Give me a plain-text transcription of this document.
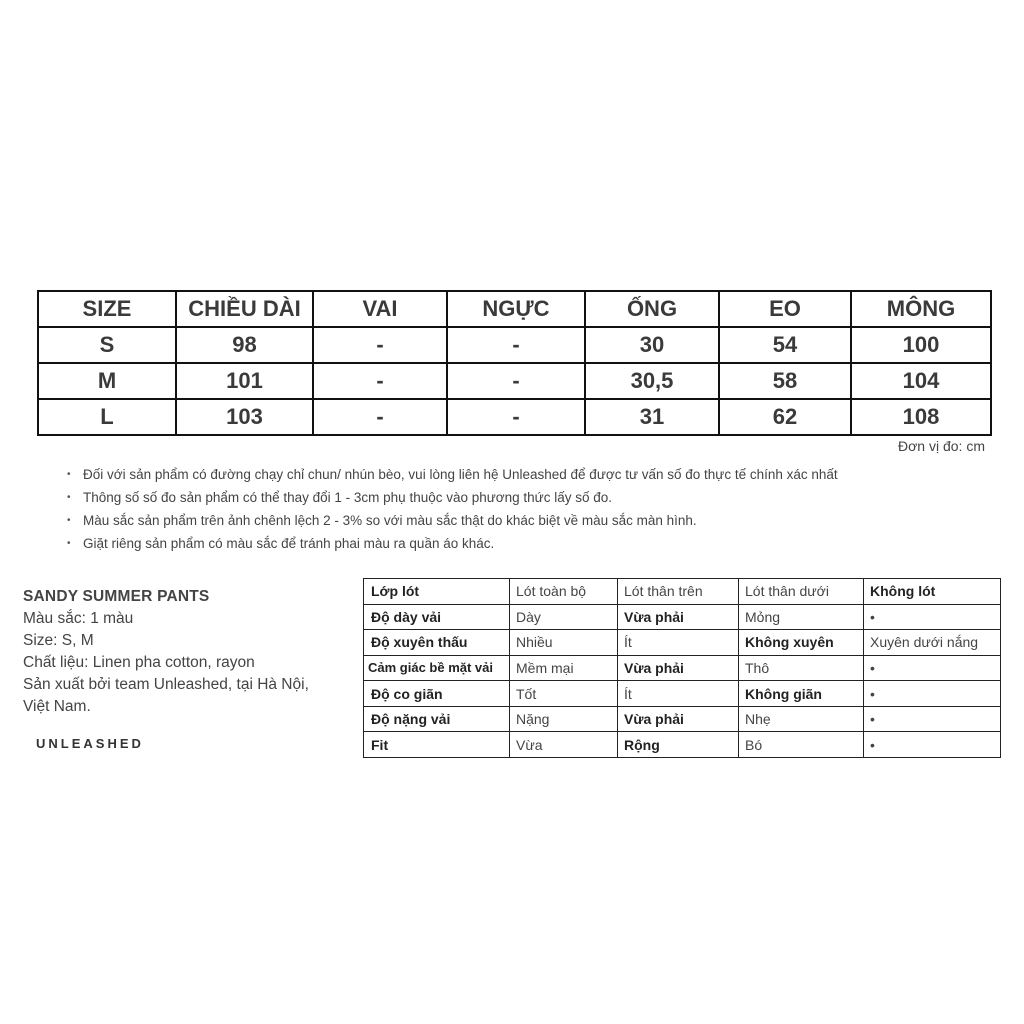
SIZE	CHIỀU DÀI	VAI	NGỰC	ỐNG	EO	MÔNG
S	98	-	-	30	54	100
M	101	-	-	30,5	58	104
L	103	-	-	31	62	108
Đơn vị đo: cm
• Đối với sản phẩm có đường chạy chỉ chun/ nhún bèo, vui lòng liên hệ Unleashed để được tư vấn số đo thực tế chính xác nhất
• Thông số số đo sản phẩm có thể thay đổi 1 - 3cm phụ thuộc vào phương thức lấy số đo.
• Màu sắc sản phẩm trên ảnh chênh lệch 2 - 3% so với màu sắc thật do khác biệt về màu sắc màn hình.
• Giặt riêng sản phẩm có màu sắc để tránh phai màu ra quần áo khác.
SANDY SUMMER PANTS
Màu sắc: 1 màu
Size: S, M
Chất liệu: Linen pha cotton, rayon
Sản xuất bởi team Unleashed, tại Hà Nội,
Việt Nam.
UNLEASHED
Lớp lót	Lót toàn bộ	Lót thân trên	Lót thân dưới	Không lót
Độ dày vải	Dày	Vừa phải	Mỏng	•
Độ xuyên thấu	Nhiều	Ít	Không xuyên	Xuyên dưới nắng
Cảm giác bề mặt vải	Mềm mại	Vừa phải	Thô	•
Độ co giãn	Tốt	Ít	Không giãn	•
Độ nặng vải	Nặng	Vừa phải	Nhẹ	•
Fit	Vừa	Rộng	Bó	•
